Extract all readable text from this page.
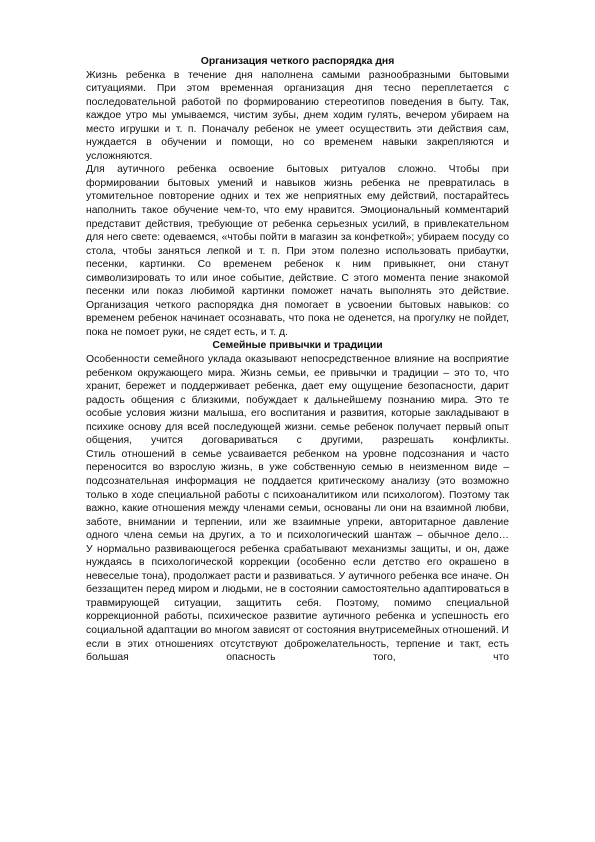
Организация четкого распорядка дня

Жизнь ребенка в течение дня наполнена самыми разнообразными бытовыми ситуациями. При этом временная организация дня тесно переплетается с последовательной работой по формированию стереотипов поведения в быту. Так, каждое утро мы умываемся, чистим зубы, днем ходим гулять, вечером убираем на место игрушки и т. п. Поначалу ребенок не умеет осуществить эти действия сам, нуждается в обучении и помощи, но со временем навыки закрепляются и усложняются.

Для аутичного ребенка освоение бытовых ритуалов сложно. Чтобы при формировании бытовых умений и навыков жизнь ребенка не превратилась в утомительное повторение одних и тех же неприятных ему действий, постарайтесь наполнить такое обучение чем-то, что ему нравится. Эмоциональный комментарий представит действия, требующие от ребенка серьезных усилий, в привлекательном для него свете: одеваемся, «чтобы пойти в магазин за конфеткой»; убираем посуду со стола, чтобы заняться лепкой и т. п. При этом полезно использовать прибаутки, песенки, картинки. Со временем ребенок к ним привыкнет, они станут символизировать то или иное событие, действие. С этого момента пение знакомой песенки или показ любимой картинки поможет начать выполнять это действие.

Организация четкого распорядка дня помогает в усвоении бытовых навыков: со временем ребенок начинает осознавать, что пока не оденется, на прогулку не пойдет, пока не помоет руки, не сядет есть, и т. д.

Семейные привычки и традиции

Особенности семейного уклада оказывают непосредственное влияние на восприятие ребенком окружающего мира. Жизнь семьи, ее привычки и традиции – это то, что хранит, бережет и поддерживает ребенка, дает ему ощущение безопасности, дарит радость общения с близкими, побуждает к дальнейшему познанию мира. Это те особые условия жизни малыша, его воспитания и развития, которые закладывают в психике основу для всей последующей жизни. семье ребенок получает первый опыт общения, учится договариваться с другими, разрешать конфликты.

Стиль отношений в семье усваивается ребенком на уровне подсознания и часто переносится во взрослую жизнь, в уже собственную семью в неизменном виде – подсознательная информация не поддается критическому анализу (это возможно только в ходе специальной работы с психоаналитиком или психологом). Поэтому так важно, какие отношения между членами семьи, основаны ли они на взаимной любви, заботе, внимании и терпении, или же взаимные упреки, авторитарное давление одного члена семьи на других, а то и психологический шантаж – обычное дело…

У нормально развивающегося ребенка срабатывают механизмы защиты, и он, даже нуждаясь в психологической коррекции (особенно если детство его окрашено в невеселые тона), продолжает расти и развиваться. У аутичного ребенка все иначе. Он беззащитен перед миром и людьми, не в состоянии самостоятельно адаптироваться в травмирующей ситуации, защитить себя. Поэтому, помимо специальной коррекционной работы, психическое развитие аутичного ребенка и успешность его социальной адаптации во многом зависят от состояния внутрисемейных отношений. И если в этих отношениях отсутствуют доброжелательность, терпение и такт, есть большая опасность того, что
